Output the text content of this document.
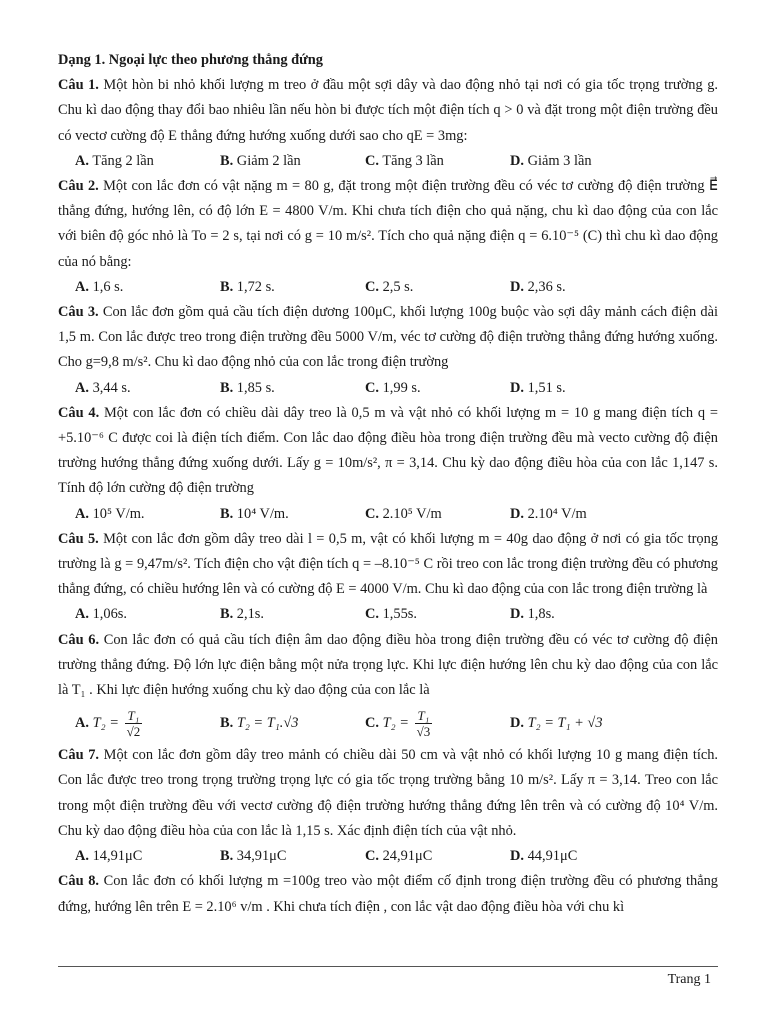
Dạng 1. Ngoại lực theo phương thẳng đứng
Câu 1. Một hòn bi nhỏ khối lượng m treo ở đầu một sợi dây và dao động nhỏ tại nơi có gia tốc trọng trường g. Chu kì dao động thay đổi bao nhiêu lần nếu hòn bi được tích một điện tích q > 0 và đặt trong một điện trường đều có vectơ cường độ E thẳng đứng hướng xuống dưới sao cho qE = 3mg:
A. Tăng 2 lần	B. Giảm 2 lần	C. Tăng 3 lần	D. Giảm 3 lần
Câu 2. Một con lắc đơn có vật nặng m = 80 g, đặt trong một điện trường đều có véc tơ cường độ điện trường E⃗ thẳng đứng, hướng lên, có độ lớn E = 4800 V/m. Khi chưa tích điện cho quả nặng, chu kì dao động của con lắc với biên độ góc nhỏ là To = 2 s, tại nơi có g = 10 m/s². Tích cho quả nặng điện q = 6.10⁻⁵ (C) thì chu kì dao động của nó bằng:
A. 1,6 s.	B. 1,72 s.	C. 2,5 s.	D. 2,36 s.
Câu 3. Con lắc đơn gồm quả cầu tích điện dương 100μC, khối lượng 100g buộc vào sợi dây mảnh cách điện dài 1,5 m. Con lắc được treo trong điện trường đều 5000 V/m, véc tơ cường độ điện trường thẳng đứng hướng xuống. Cho g=9,8 m/s². Chu kì dao động nhỏ của con lắc trong điện trường
A. 3,44 s.	B. 1,85 s.	C. 1,99 s.	D. 1,51 s.
Câu 4. Một con lắc đơn có chiều dài dây treo là 0,5 m và vật nhỏ có khối lượng m = 10 g mang điện tích q = +5.10⁻⁶ C được coi là điện tích điểm. Con lắc dao động điều hòa trong điện trường đều mà vecto cường độ điện trường hướng thẳng đứng xuống dưới. Lấy g = 10m/s², π = 3,14. Chu kỳ dao động điều hòa của con lắc 1,147 s. Tính độ lớn cường độ điện trường
A. 10⁵ V/m.	B. 10⁴ V/m.	C. 2.10⁵ V/m	D. 2.10⁴ V/m
Câu 5. Một con lắc đơn gồm dây treo dài l = 0,5 m, vật có khối lượng m = 40g dao động ở nơi có gia tốc trọng trường là g = 9,47m/s². Tích điện cho vật điện tích q = –8.10⁻⁵ C rồi treo con lắc trong điện trường đều có phương thẳng đứng, có chiều hướng lên và có cường độ E = 4000 V/m. Chu kì dao động của con lắc trong điện trường là
A. 1,06s.	B. 2,1s.	C. 1,55s.	D. 1,8s.
Câu 6. Con lắc đơn có quả cầu tích điện âm dao động điều hòa trong điện trường đều có véc tơ cường độ điện trường thẳng đứng. Độ lớn lực điện bằng một nửa trọng lực. Khi lực điện hướng lên chu kỳ dao động của con lắc là T₁ . Khi lực điện hướng xuống chu kỳ dao động của con lắc là
A. $T_2 = \frac{\text{T₁}}{√2}$	B. T₂ = T₁.√3	C. $T_2 = \frac{\text{T₁}}{√3}$	D. T₂ = T₁ + √3
Câu 7. Một con lắc đơn gồm dây treo mảnh có chiều dài 50 cm và vật nhỏ có khối lượng 10 g mang điện tích. Con lắc được treo trong trọng trường trọng lực có gia tốc trọng trường bằng 10 m/s². Lấy π = 3,14. Treo con lắc trong một điện trường đều với vectơ cường độ điện trường hướng thẳng đứng lên trên và có cường độ 10⁴ V/m. Chu kỳ dao động điều hòa của con lắc là 1,15 s. Xác định điện tích của vật nhỏ.
A. 14,91μC	B. 34,91μC	C. 24,91μC	D. 44,91μC
Câu 8. Con lắc đơn có khối lượng m =100g treo vào một điểm cố định trong điện trường đều có phương thẳng đứng, hướng lên trên E = 2.10⁶ v/m . Khi chưa tích điện , con lắc vật dao động điều hòa với chu kì
Trang 1
